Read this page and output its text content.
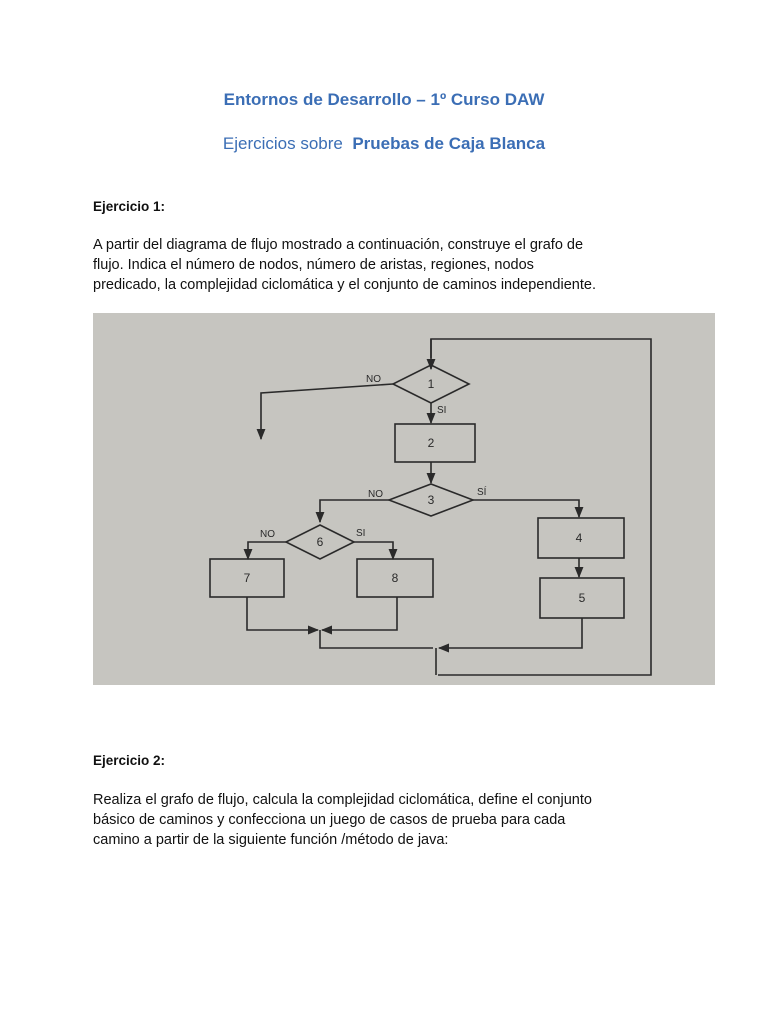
Entornos de Desarrollo – 1º Curso DAW
Ejercicios sobre Pruebas de Caja Blanca
Ejercicio 1:
A partir del diagrama de flujo mostrado a continuación, construye el grafo de
flujo. Indica el número de nodos, número de aristas, regiones, nodos
predicado, la complejidad ciclomática y el conjunto de caminos independiente.
1
NO
SI
2
3
NO	SÍ
6
NO	SI
7	8
4
5
Ejercicio 2:
Realiza el grafo de flujo, calcula la complejidad ciclomática, define el conjunto
básico de caminos y confecciona un juego de casos de prueba para cada
camino a partir de la siguiente función /método de java:
